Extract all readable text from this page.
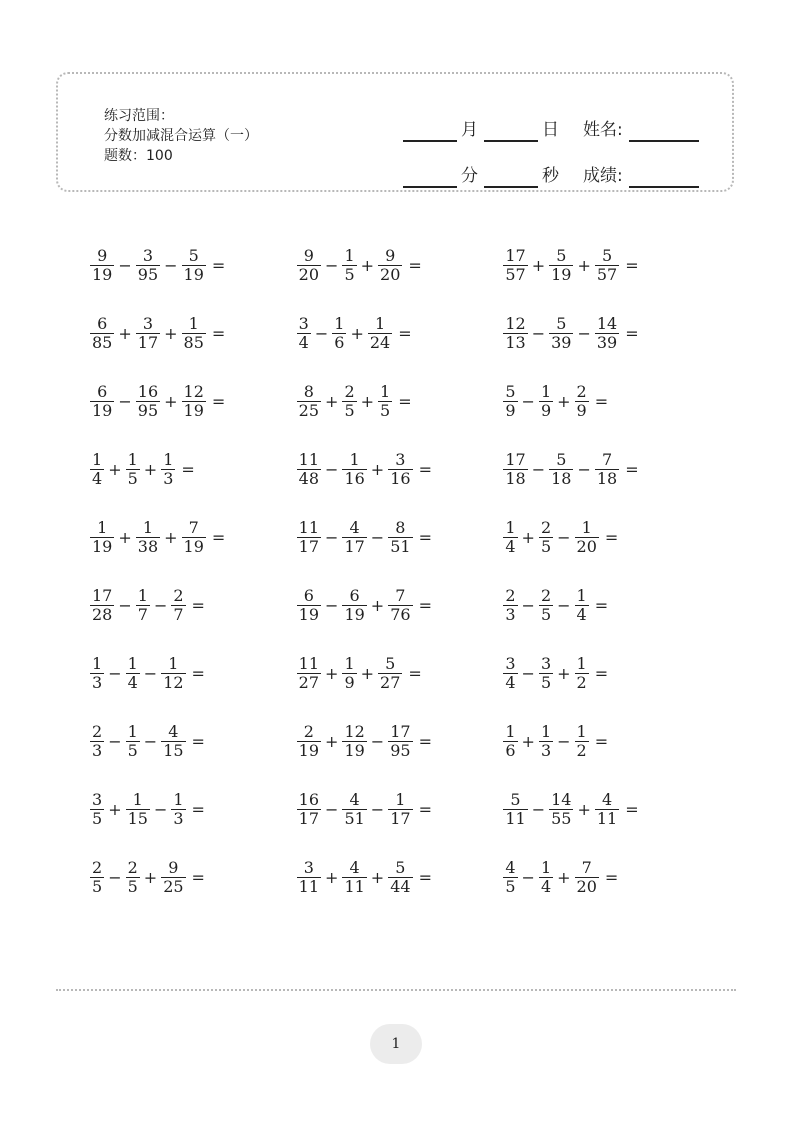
练习范围：
分数加减混合运算（一）
题数：100
月	日 姓名:
分	秒 成绩:
$\frac{9}{19} - \frac{3}{95} - \frac{5}{19}$ =	$\frac{9}{20} - \frac{1}{5} + \frac{9}{20}$ =	$\frac{17}{57} + \frac{5}{19} + \frac{5}{57}$ =
$\frac{6}{85} + \frac{3}{17} + \frac{1}{85}$ =	$\frac{3}{4} - \frac{1}{6} + \frac{1}{24}$ =	$\frac{12}{13} - \frac{5}{39} - \frac{14}{39}$ =
$\frac{6}{19} - \frac{16}{95} + \frac{12}{19}$ =	$\frac{8}{25} + \frac{2}{5} + \frac{1}{5}$ =	$\frac{5}{9} - \frac{1}{9} + \frac{2}{9}$ =
$\frac{1}{4} + \frac{1}{5} + \frac{1}{3}$ =	$\frac{11}{48} - \frac{1}{16} + \frac{3}{16}$ =	$\frac{17}{18} - \frac{5}{18} - \frac{7}{18}$ =
$\frac{1}{19} + \frac{1}{38} + \frac{7}{19}$ =	$\frac{11}{17} - \frac{4}{17} - \frac{8}{51}$ =	$\frac{1}{4} + \frac{2}{5} - \frac{1}{20}$ =
$\frac{17}{28} - \frac{1}{7} - \frac{2}{7}$ =	$\frac{6}{19} - \frac{6}{19} + \frac{7}{76}$ =	$\frac{2}{3} - \frac{2}{5} - \frac{1}{4}$ =
$\frac{1}{3} - \frac{1}{4} - \frac{1}{12}$ =	$\frac{11}{27} + \frac{1}{9} + \frac{5}{27}$ =	$\frac{3}{4} - \frac{3}{5} + \frac{1}{2}$ =
$\frac{2}{3} - \frac{1}{5} - \frac{4}{15}$ =	$\frac{2}{19} + \frac{12}{19} - \frac{17}{95}$ =	$\frac{1}{6} + \frac{1}{3} - \frac{1}{2}$ =
$\frac{3}{5} + \frac{1}{15} - \frac{1}{3}$ =	$\frac{16}{17} - \frac{4}{51} - \frac{1}{17}$ =	$\frac{5}{11} - \frac{14}{55} + \frac{4}{11}$ =
$\frac{2}{5} - \frac{2}{5} + \frac{9}{25}$ =	$\frac{3}{11} + \frac{4}{11} + \frac{5}{44}$ =	$\frac{4}{5} - \frac{1}{4} + \frac{7}{20}$ =
1
